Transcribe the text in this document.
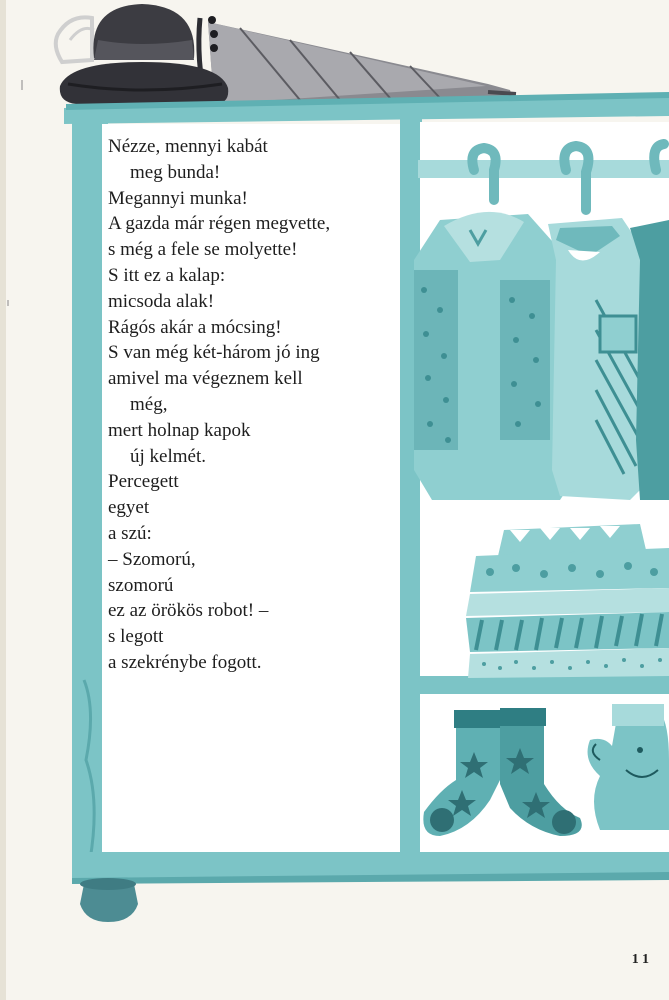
Nézze, mennyi kabát
meg bunda!
Megannyi munka!
A gazda már régen megvette,
s még a fele se molyette!
S itt ez a kalap:
micsoda alak!
Rágós akár a mócsing!
S van még két-három jó ing
amivel ma végeznem kell
még,
mert holnap kapok
új kelmét.
Percegett
egyet
a szú:
– Szomorú,
szomorú
ez az örökös robot! –
s legott
a szekrénybe fogott.
11
